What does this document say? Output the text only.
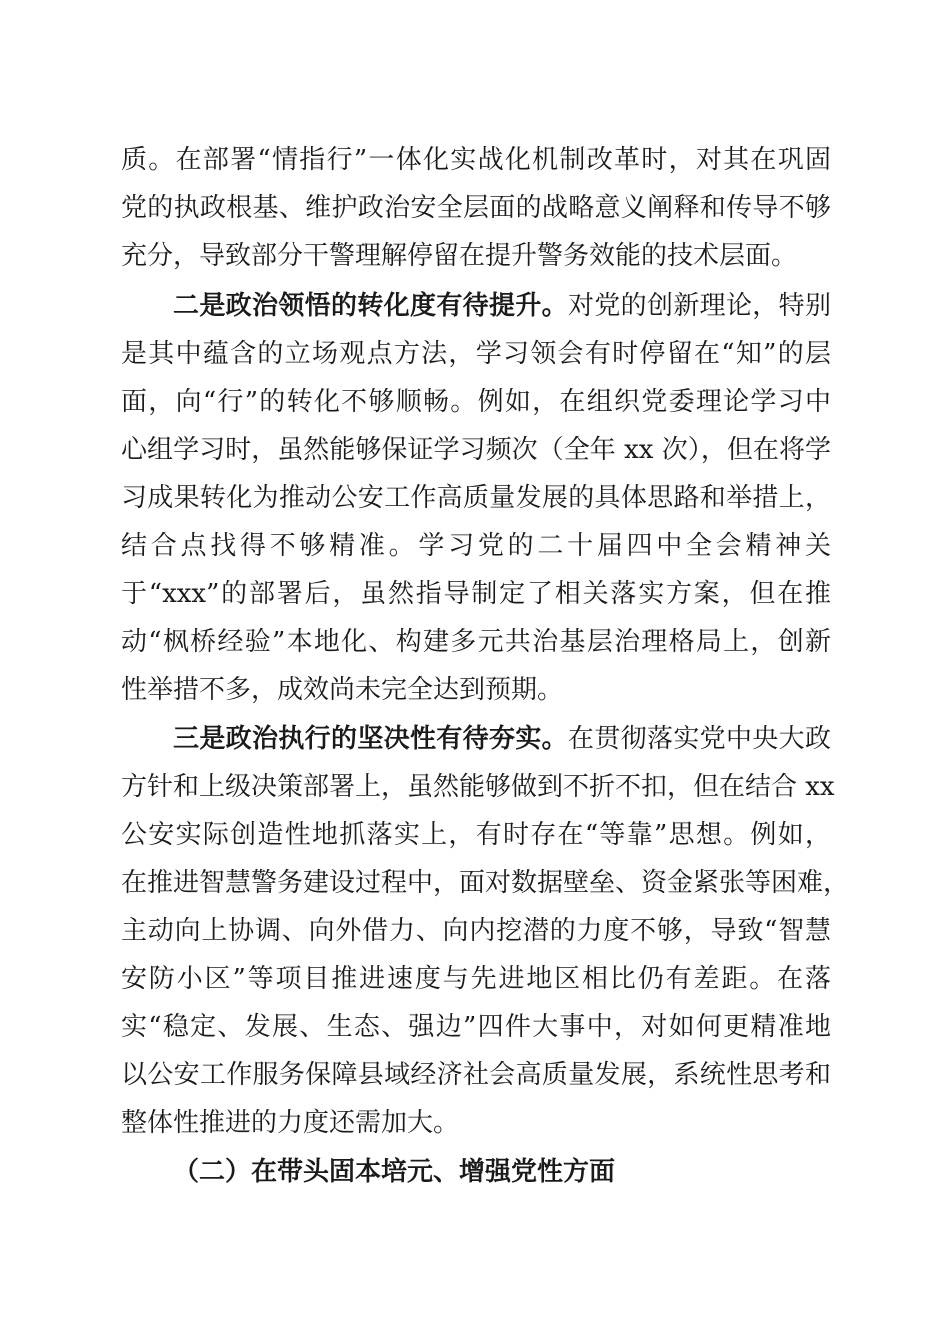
质。在部署“情指行”一体化实战化机制改革时，对其在巩固
党的执政根基、维护政治安全层面的战略意义阐释和传导不够
充分，导致部分干警理解停留在提升警务效能的技术层面。
二是政治领悟的转化度有待提升。对党的创新理论，特别
是其中蕴含的立场观点方法，学习领会有时停留在“知”的层
面，向“行”的转化不够顺畅。例如，在组织党委理论学习中
心组学习时，虽然能够保证学习频次（全年 xx 次），但在将学
习成果转化为推动公安工作高质量发展的具体思路和举措上，
结合点找得不够精准。学习党的二十届四中全会精神关
于“xxx”的部署后，虽然指导制定了相关落实方案，但在推
动“枫桥经验”本地化、构建多元共治基层治理格局上，创新
性举措不多，成效尚未完全达到预期。
三是政治执行的坚决性有待夯实。在贯彻落实党中央大政
方针和上级决策部署上，虽然能够做到不折不扣，但在结合 xx
公安实际创造性地抓落实上，有时存在“等靠”思想。例如，
在推进智慧警务建设过程中，面对数据壁垒、资金紧张等困难，
主动向上协调、向外借力、向内挖潜的力度不够，导致“智慧
安防小区”等项目推进速度与先进地区相比仍有差距。在落
实“稳定、发展、生态、强边”四件大事中，对如何更精准地
以公安工作服务保障县域经济社会高质量发展，系统性思考和
整体性推进的力度还需加大。
（二）在带头固本培元、增强党性方面
